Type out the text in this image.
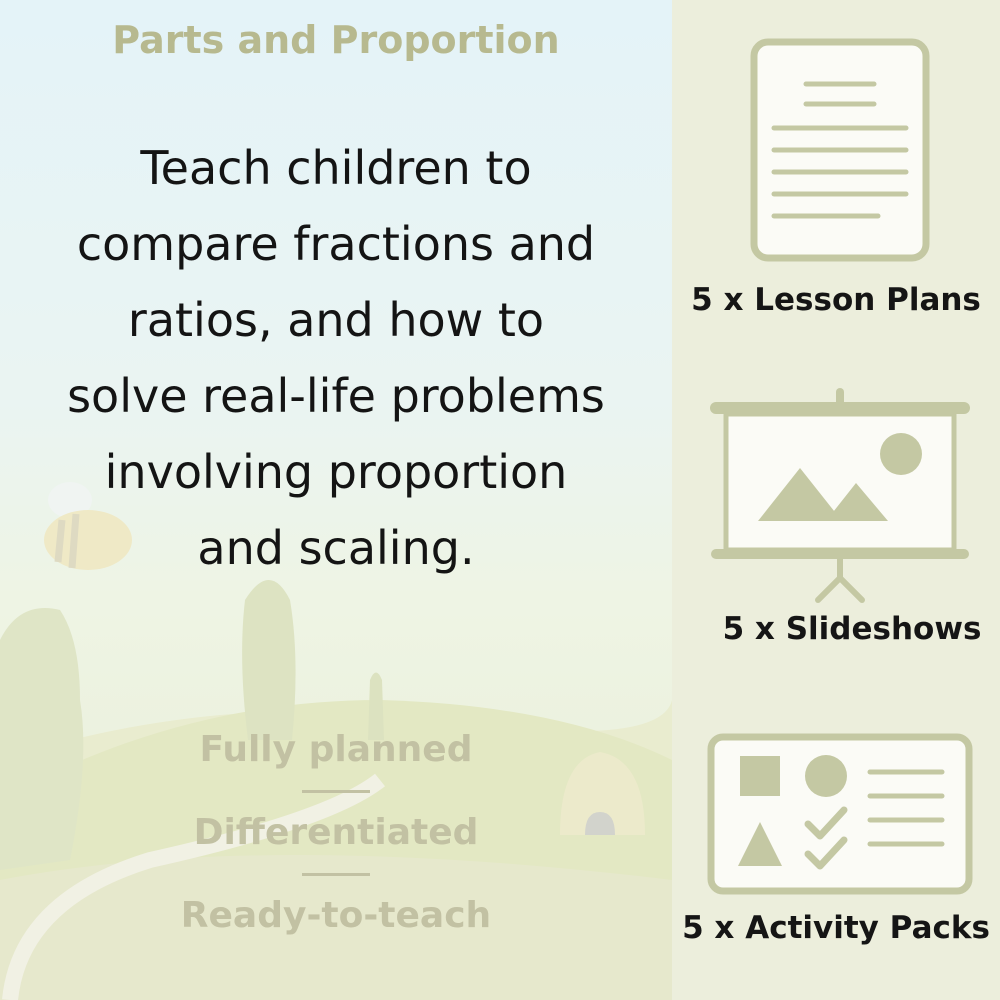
Parts and Proportion
Teach children to
compare fractions and
ratios, and how to
solve real-life problems
involving proportion
and scaling.
Fully planned
Differentiated
Ready-to-teach
5 x Lesson Plans
5 x Slideshows
5 x Activity Packs
